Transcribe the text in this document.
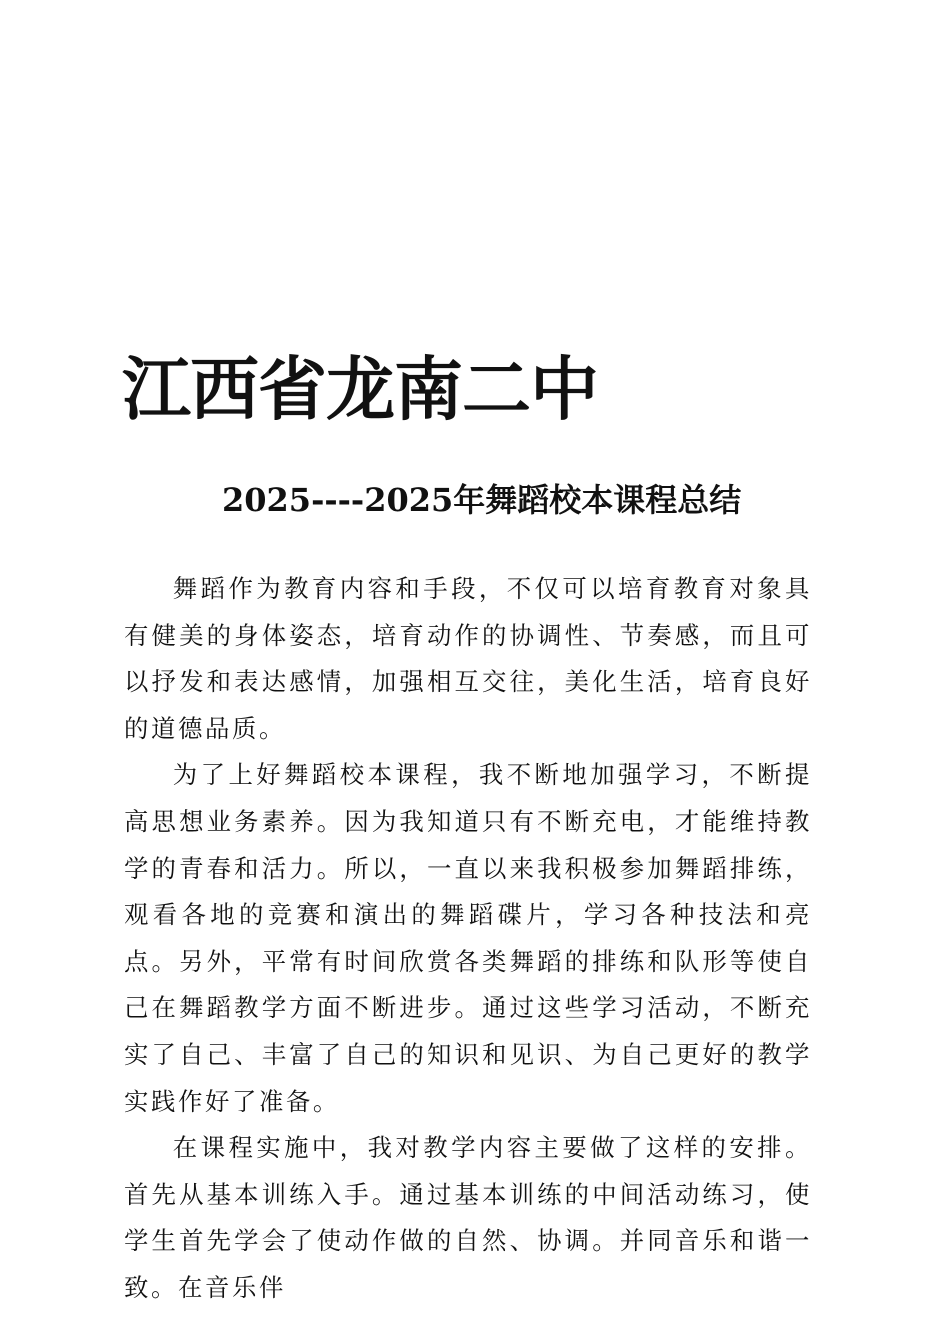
江西省龙南二中
2025----2025年舞蹈校本课程总结

舞蹈作为教育内容和手段，不仅可以培育教育对象具有健美的身体姿态，培育动作的协调性、节奏感，而且可以抒发和表达感情，加强相互交往，美化生活，培育良好的道德品质。

为了上好舞蹈校本课程，我不断地加强学习，不断提高思想业务素养。因为我知道只有不断充电，才能维持教学的青春和活力。所以，一直以来我积极参加舞蹈排练，观看各地的竞赛和演出的舞蹈碟片，学习各种技法和亮点。另外，平常有时间欣赏各类舞蹈的排练和队形等使自己在舞蹈教学方面不断进步。通过这些学习活动，不断充实了自己、丰富了自己的知识和见识、为自己更好的教学实践作好了准备。

在课程实施中，我对教学内容主要做了这样的安排。首先从基本训练入手。通过基本训练的中间活动练习，使学生首先学会了使动作做的自然、协调。并同音乐和谐一致。在音乐伴
